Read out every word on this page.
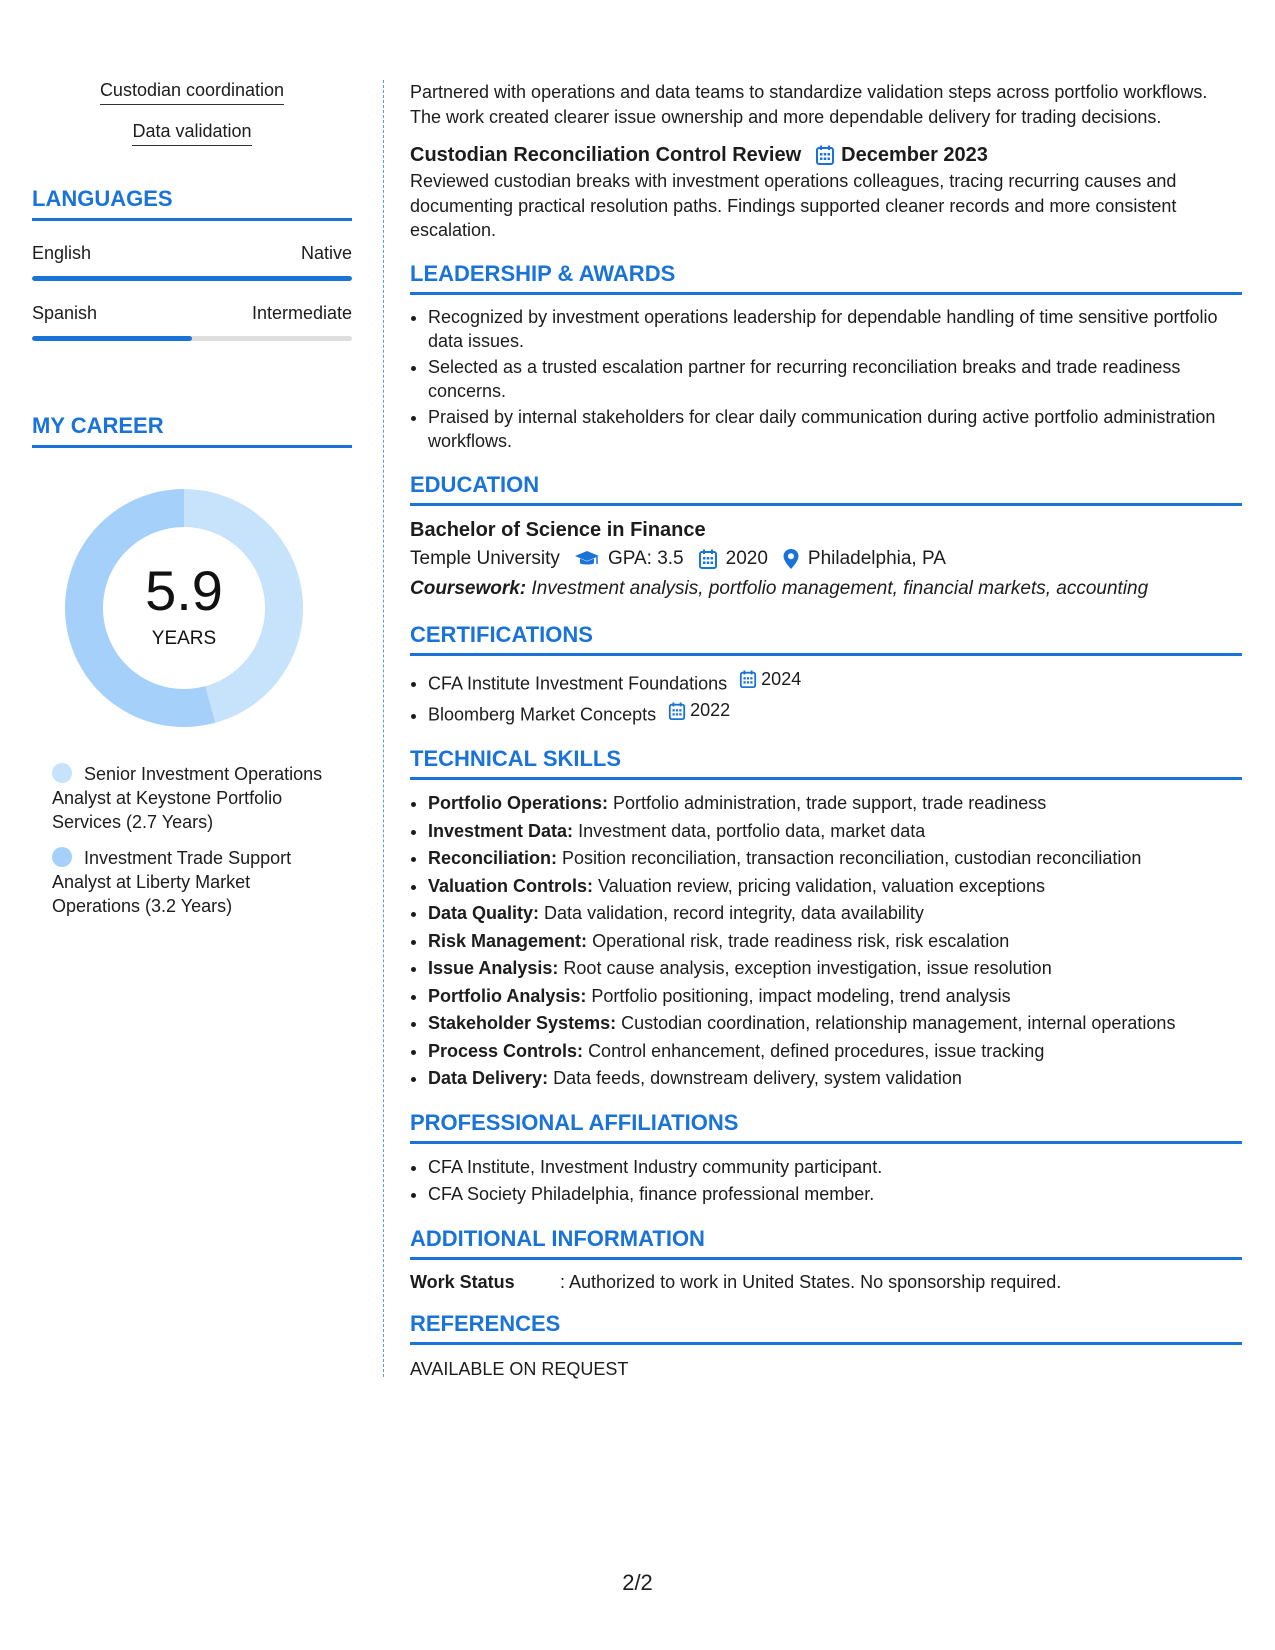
Custodian coordination
Data validation
LANGUAGES
English	Native
Spanish	Intermediate
MY CAREER
5.9
YEARS
Senior Investment Operations Analyst at Keystone Portfolio Services (2.7 Years)
Investment Trade Support Analyst at Liberty Market Operations (3.2 Years)

Partnered with operations and data teams to standardize validation steps across portfolio workflows. The work created clearer issue ownership and more dependable delivery for trading decisions.

Custodian Reconciliation Control Review December 2023

Reviewed custodian breaks with investment operations colleagues, tracing recurring causes and documenting practical resolution paths. Findings supported cleaner records and more consistent escalation.

LEADERSHIP & AWARDS
• Recognized by investment operations leadership for dependable handling of time sensitive portfolio data issues.
• Selected as a trusted escalation partner for recurring reconciliation breaks and trade readiness concerns.
• Praised by internal stakeholders for clear daily communication during active portfolio administration workflows.
EDUCATION
Bachelor of Science in Finance
Temple University	GPA: 3.5 2020 Philadelphia, PA
Coursework: Investment analysis, portfolio management, financial markets, accounting
CERTIFICATIONS
• CFA Institute Investment Foundations 2024
• Bloomberg Market Concepts 2022
TECHNICAL SKILLS
• Portfolio Operations: Portfolio administration, trade support, trade readiness
• Investment Data: Investment data, portfolio data, market data
• Reconciliation: Position reconciliation, transaction reconciliation, custodian reconciliation
• Valuation Controls: Valuation review, pricing validation, valuation exceptions
• Data Quality: Data validation, record integrity, data availability
• Risk Management: Operational risk, trade readiness risk, risk escalation
• Issue Analysis: Root cause analysis, exception investigation, issue resolution
• Portfolio Analysis: Portfolio positioning, impact modeling, trend analysis
• Stakeholder Systems: Custodian coordination, relationship management, internal operations
• Process Controls: Control enhancement, defined procedures, issue tracking
• Data Delivery: Data feeds, downstream delivery, system validation
PROFESSIONAL AFFILIATIONS
• CFA Institute, Investment Industry community participant.
• CFA Society Philadelphia, finance professional member.
ADDITIONAL INFORMATION
Work Status	: Authorized to work in United States. No sponsorship required.
REFERENCES
AVAILABLE ON REQUEST
2/2
